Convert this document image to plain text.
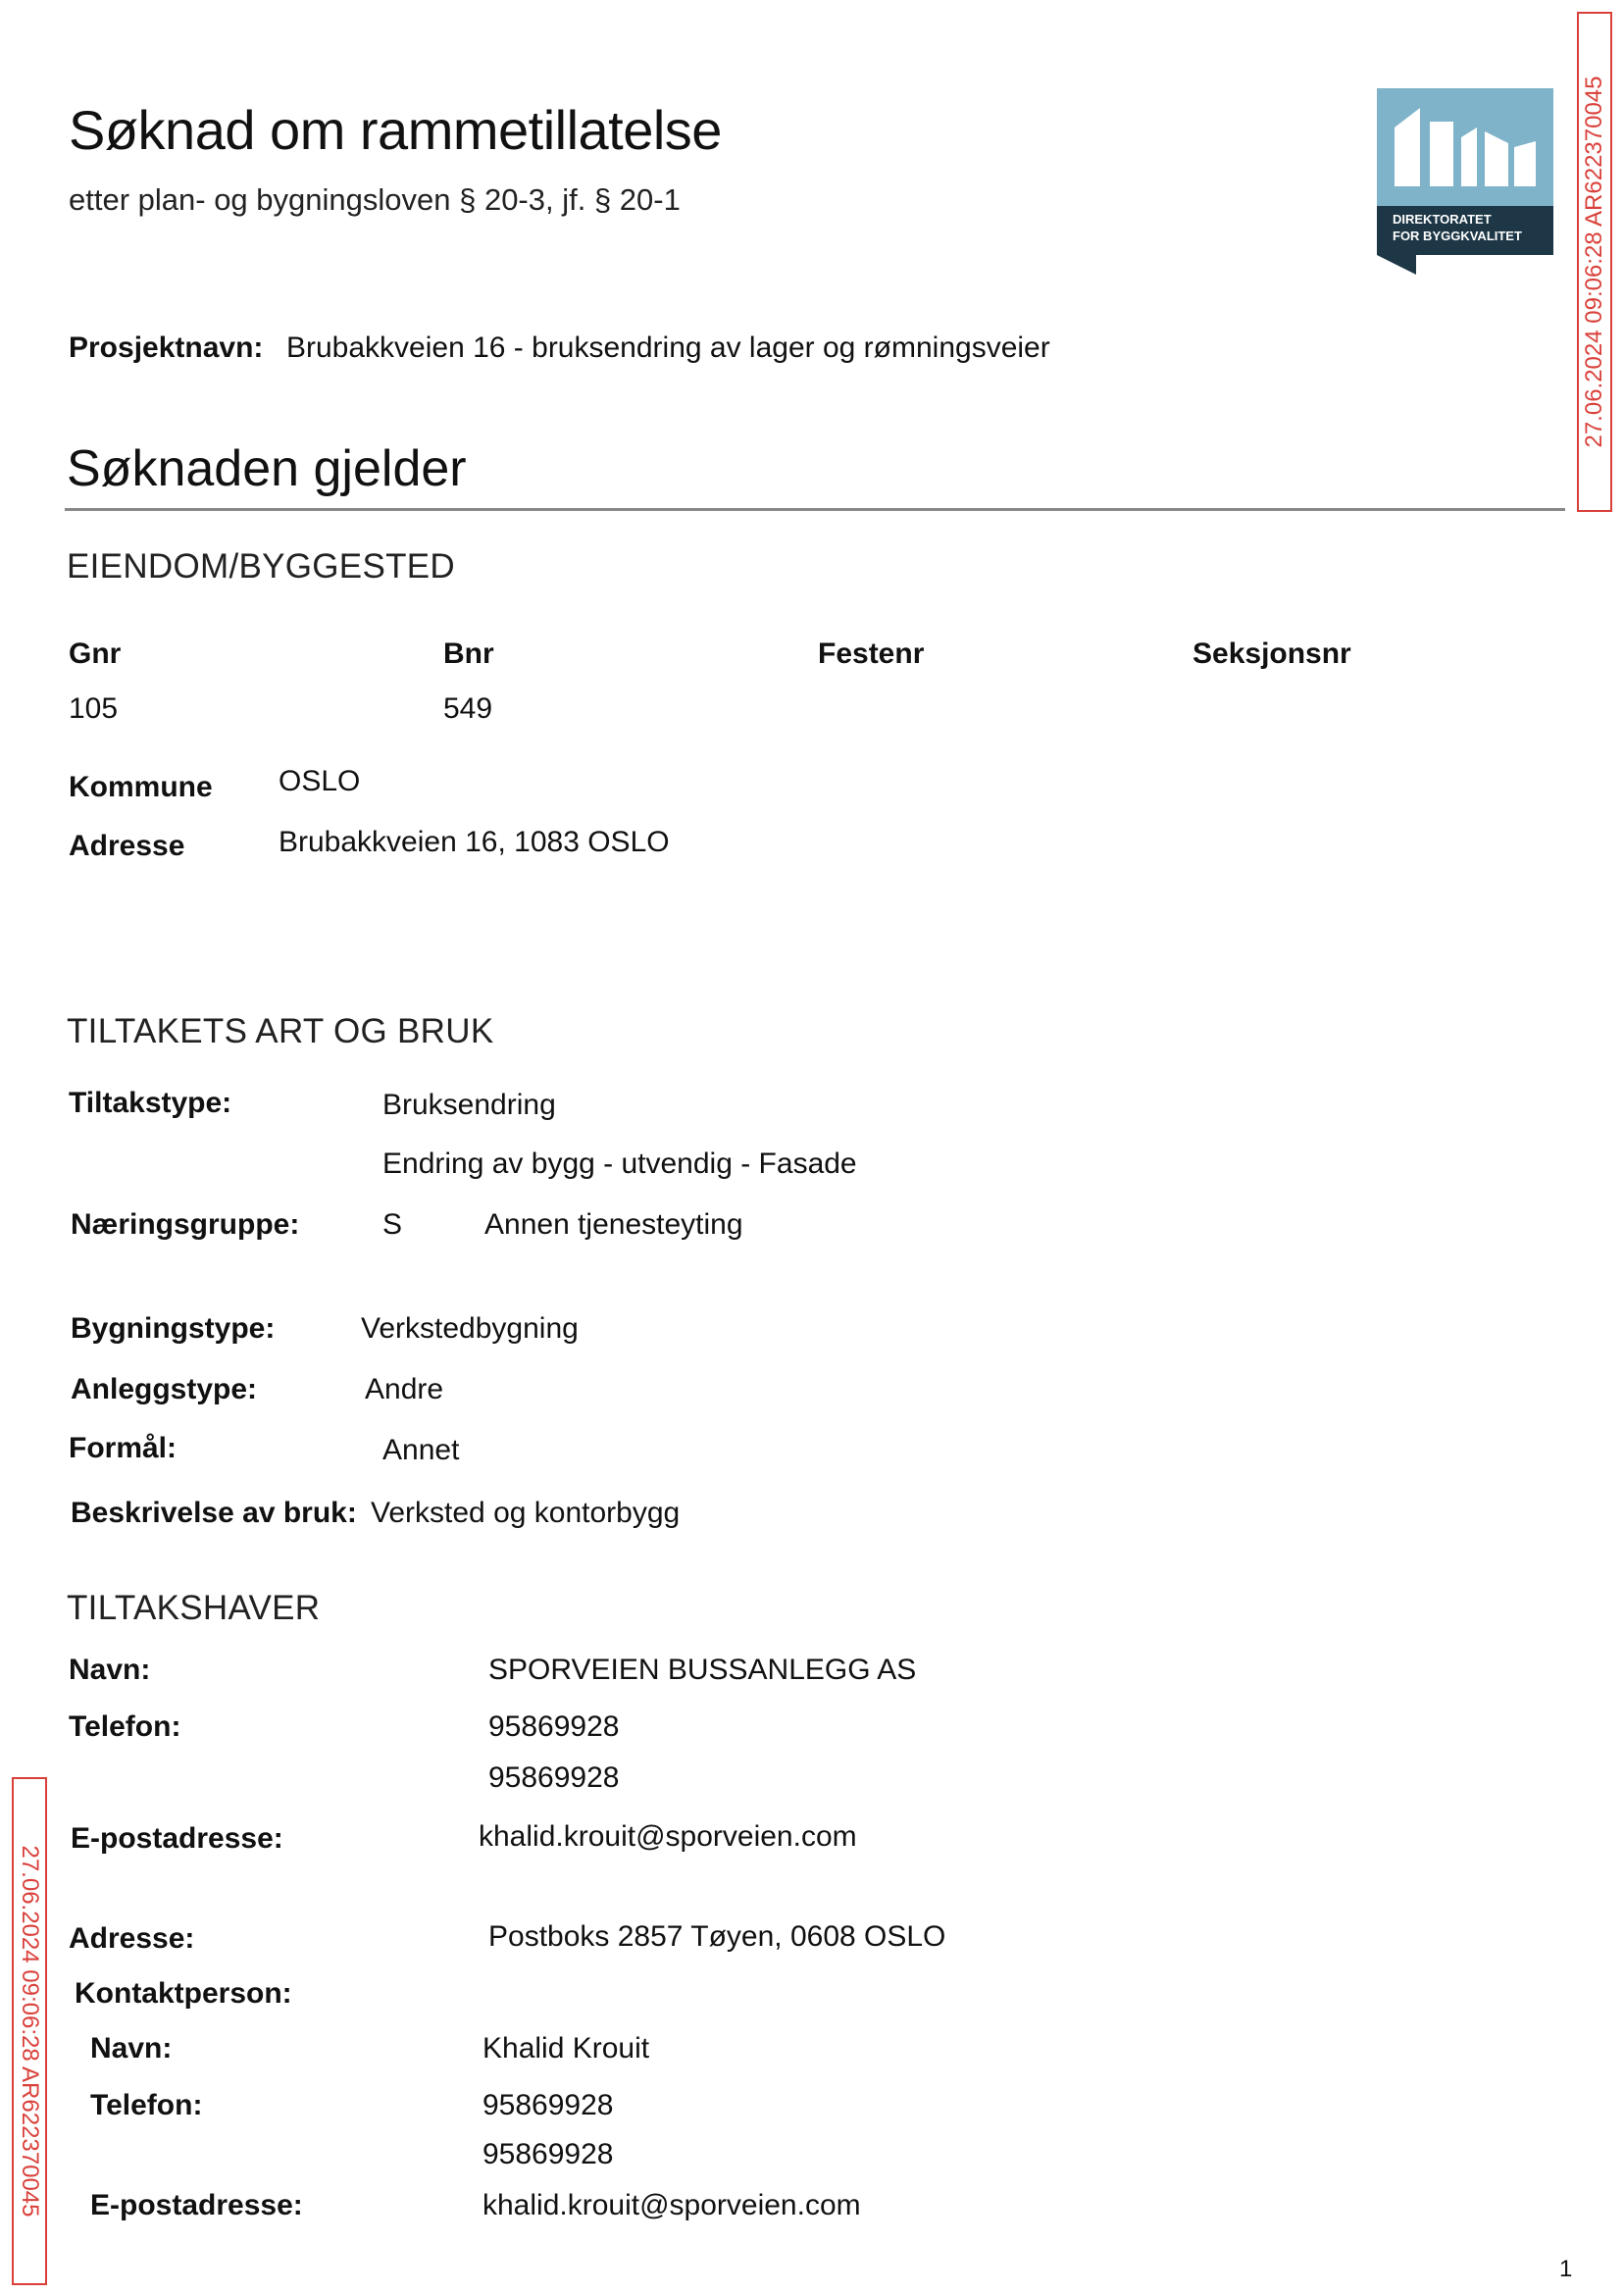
Søknad om rammetillatelse
etter plan- og bygningsloven § 20-3, jf. § 20-1
DIREKTORATET
FOR BYGGKVALITET	27.06.2024 09:06:28 AR622370045
Prosjektnavn: Brubakkveien 16 - bruksendring av lager og rømningsveier
Søknaden gjelder
EIENDOM/BYGGESTED
Gnr	Bnr	Festenr	Seksjonsnr
105	549
Kommune OSLO
Adresse	Brubakkveien 16, 1083 OSLO
TILTAKETS ART OG BRUK
Tiltakstype:	Bruksendring
Endring av bygg - utvendig - Fasade
Næringsgruppe:	S	Annen tjenesteyting
Bygningstype:	Verkstedbygning
Anleggstype:	Andre
Formål:	Annet
Beskrivelse av bruk: Verksted og kontorbygg
TILTAKSHAVER
Navn:	SPORVEIEN BUSSANLEGG AS
Telefon:	95869928
95869928
E-postadresse:	khalid.krouit@sporveien.com
Adresse:	Postboks 2857 Tøyen, 0608 OSLO
Kontaktperson:
Navn:	Khalid Krouit
Telefon:	95869928
95869928
E-postadresse:	khalid.krouit@sporveien.com
27.06.2024 09:06:28 AR622370045
1
